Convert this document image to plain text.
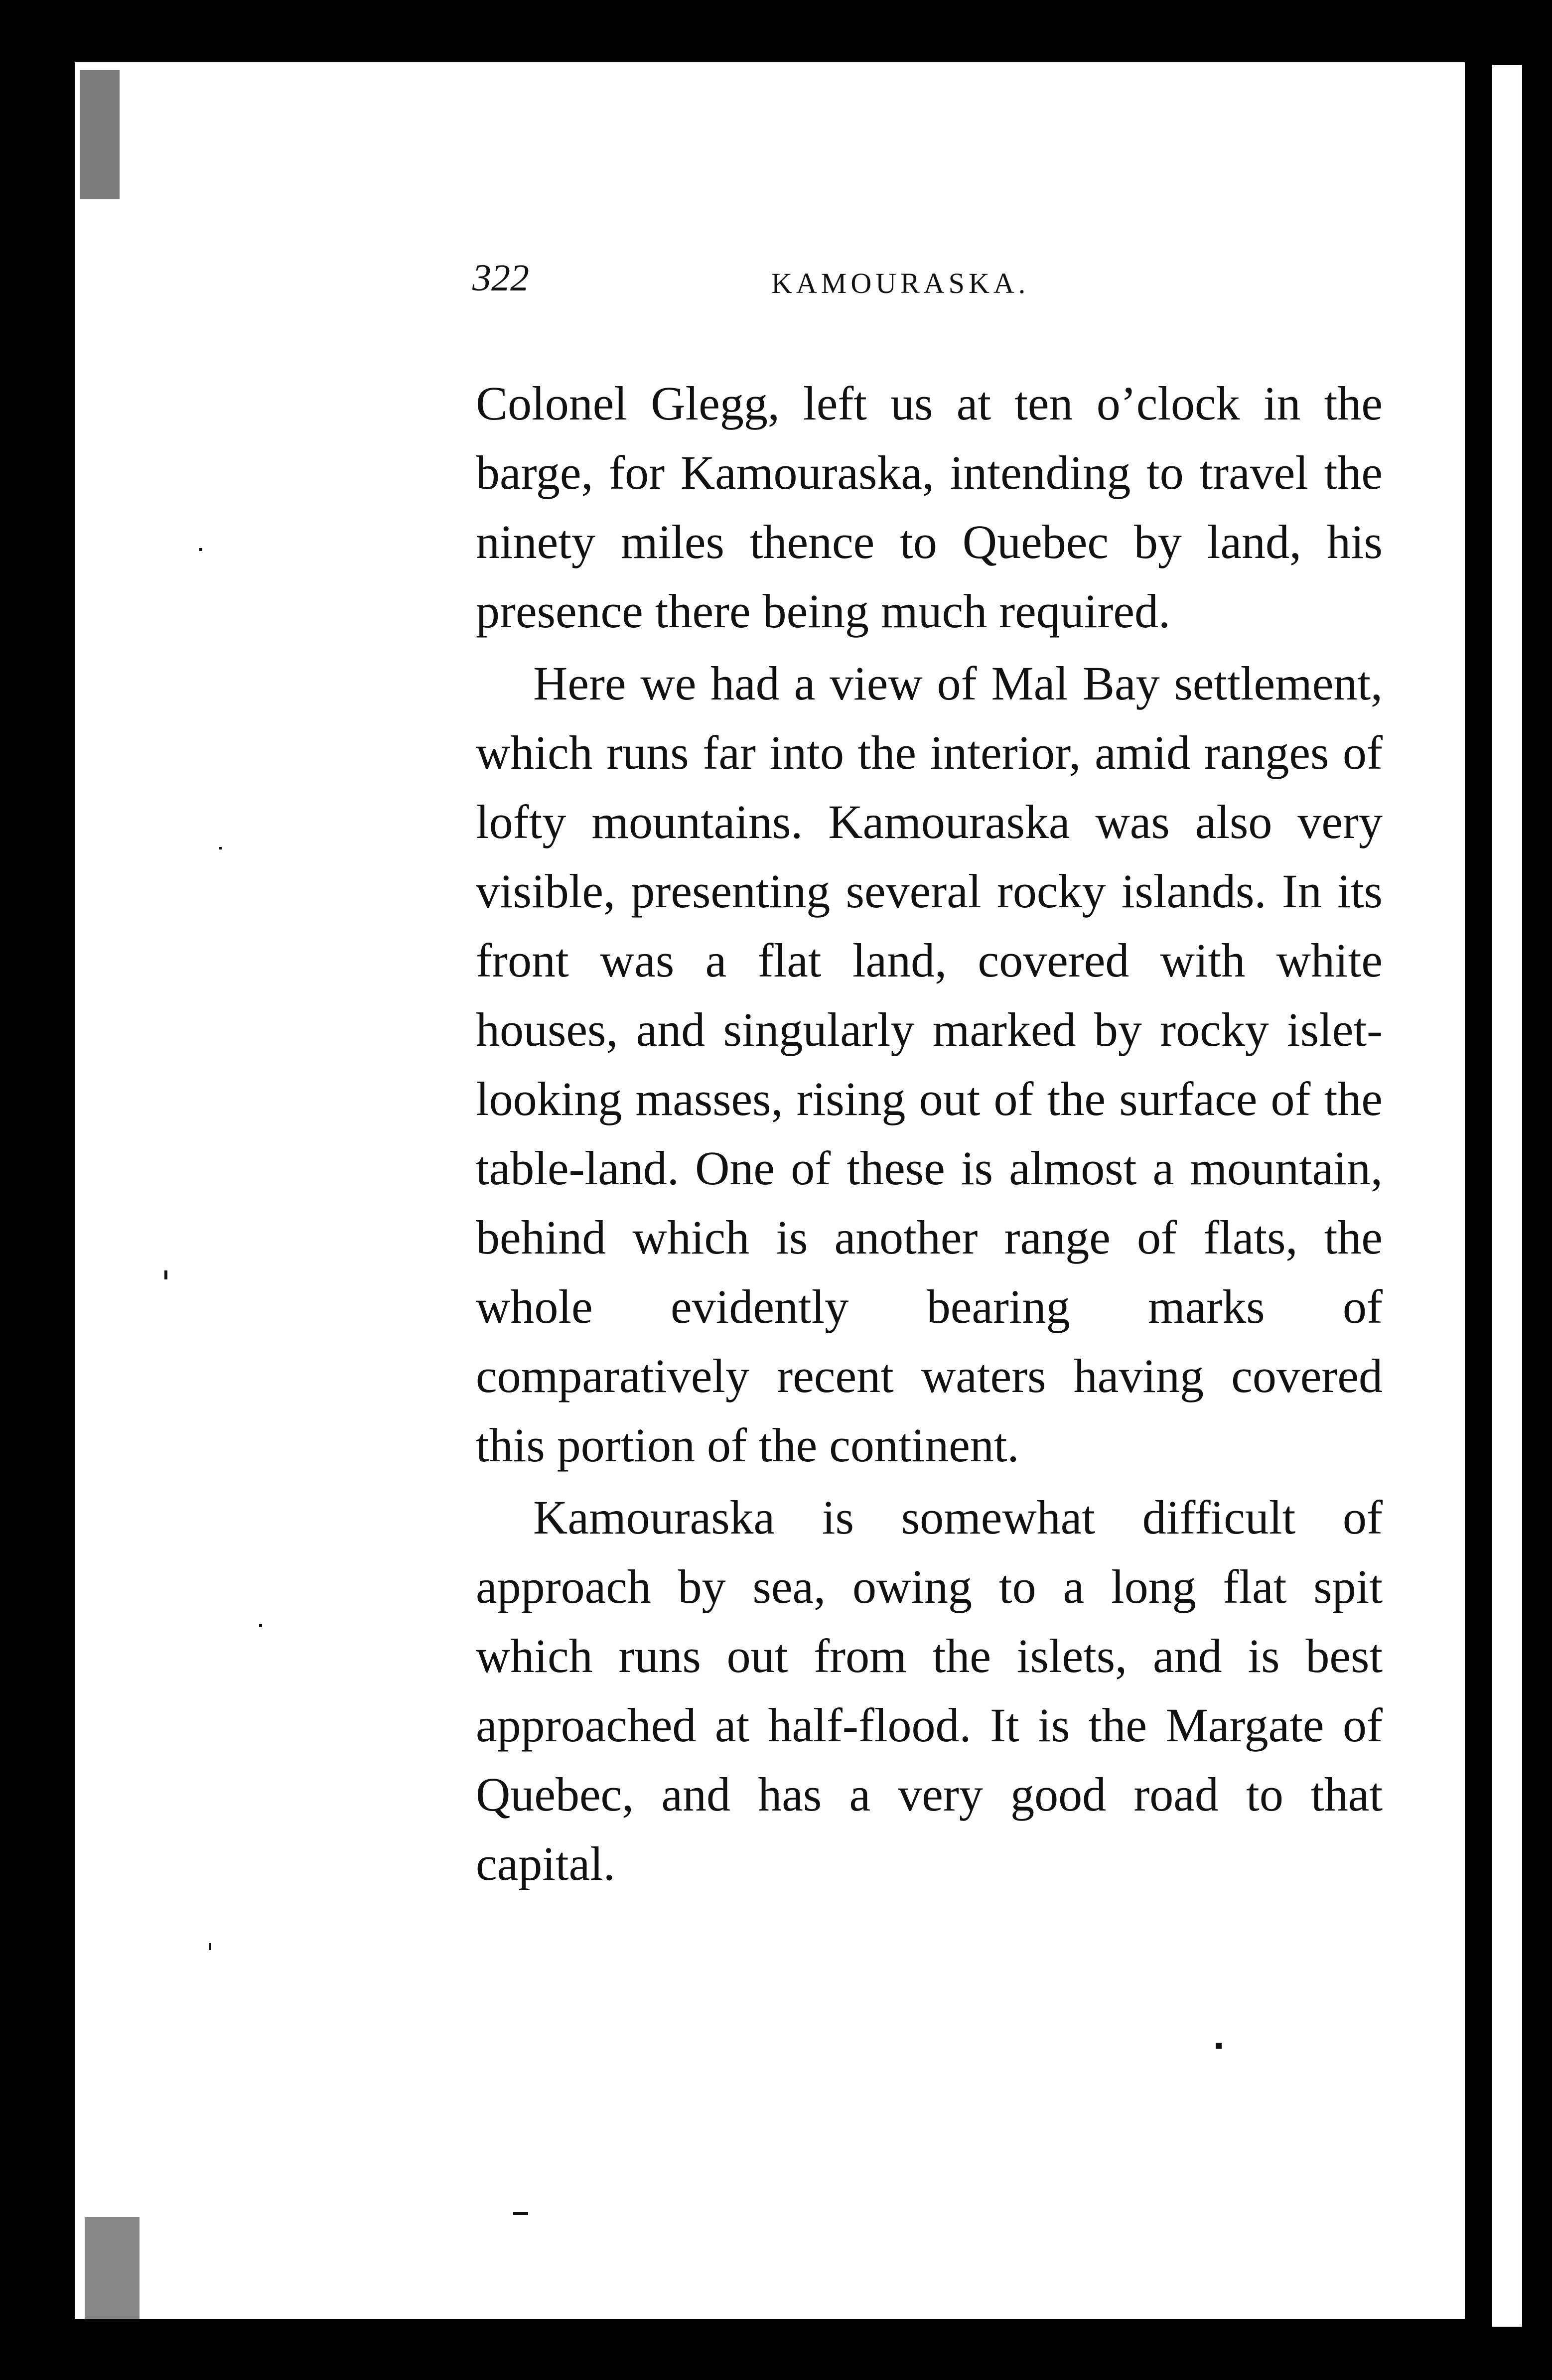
322	KAMOURASKA.

Colonel Glegg, left us at ten o’clock in the barge, for Kamouraska, intending to travel the ninety miles thence to Quebec by land, his presence there being much required.

Here we had a view of Mal Bay settlement, which runs far into the interior, amid ranges of lofty mountains. Kamouraska was also very visible, presenting several rocky islands. In its front was a flat land, covered with white houses, and singularly marked by rocky islet-looking masses, rising out of the surface of the table-land. One of these is almost a mountain, behind which is another range of flats, the whole evidently bearing marks of comparatively recent waters having covered this portion of the continent.

Kamouraska is somewhat difficult of approach by sea, owing to a long flat spit which runs out from the islets, and is best approached at half-flood. It is the Margate of Quebec, and has a very good road to that capital.
